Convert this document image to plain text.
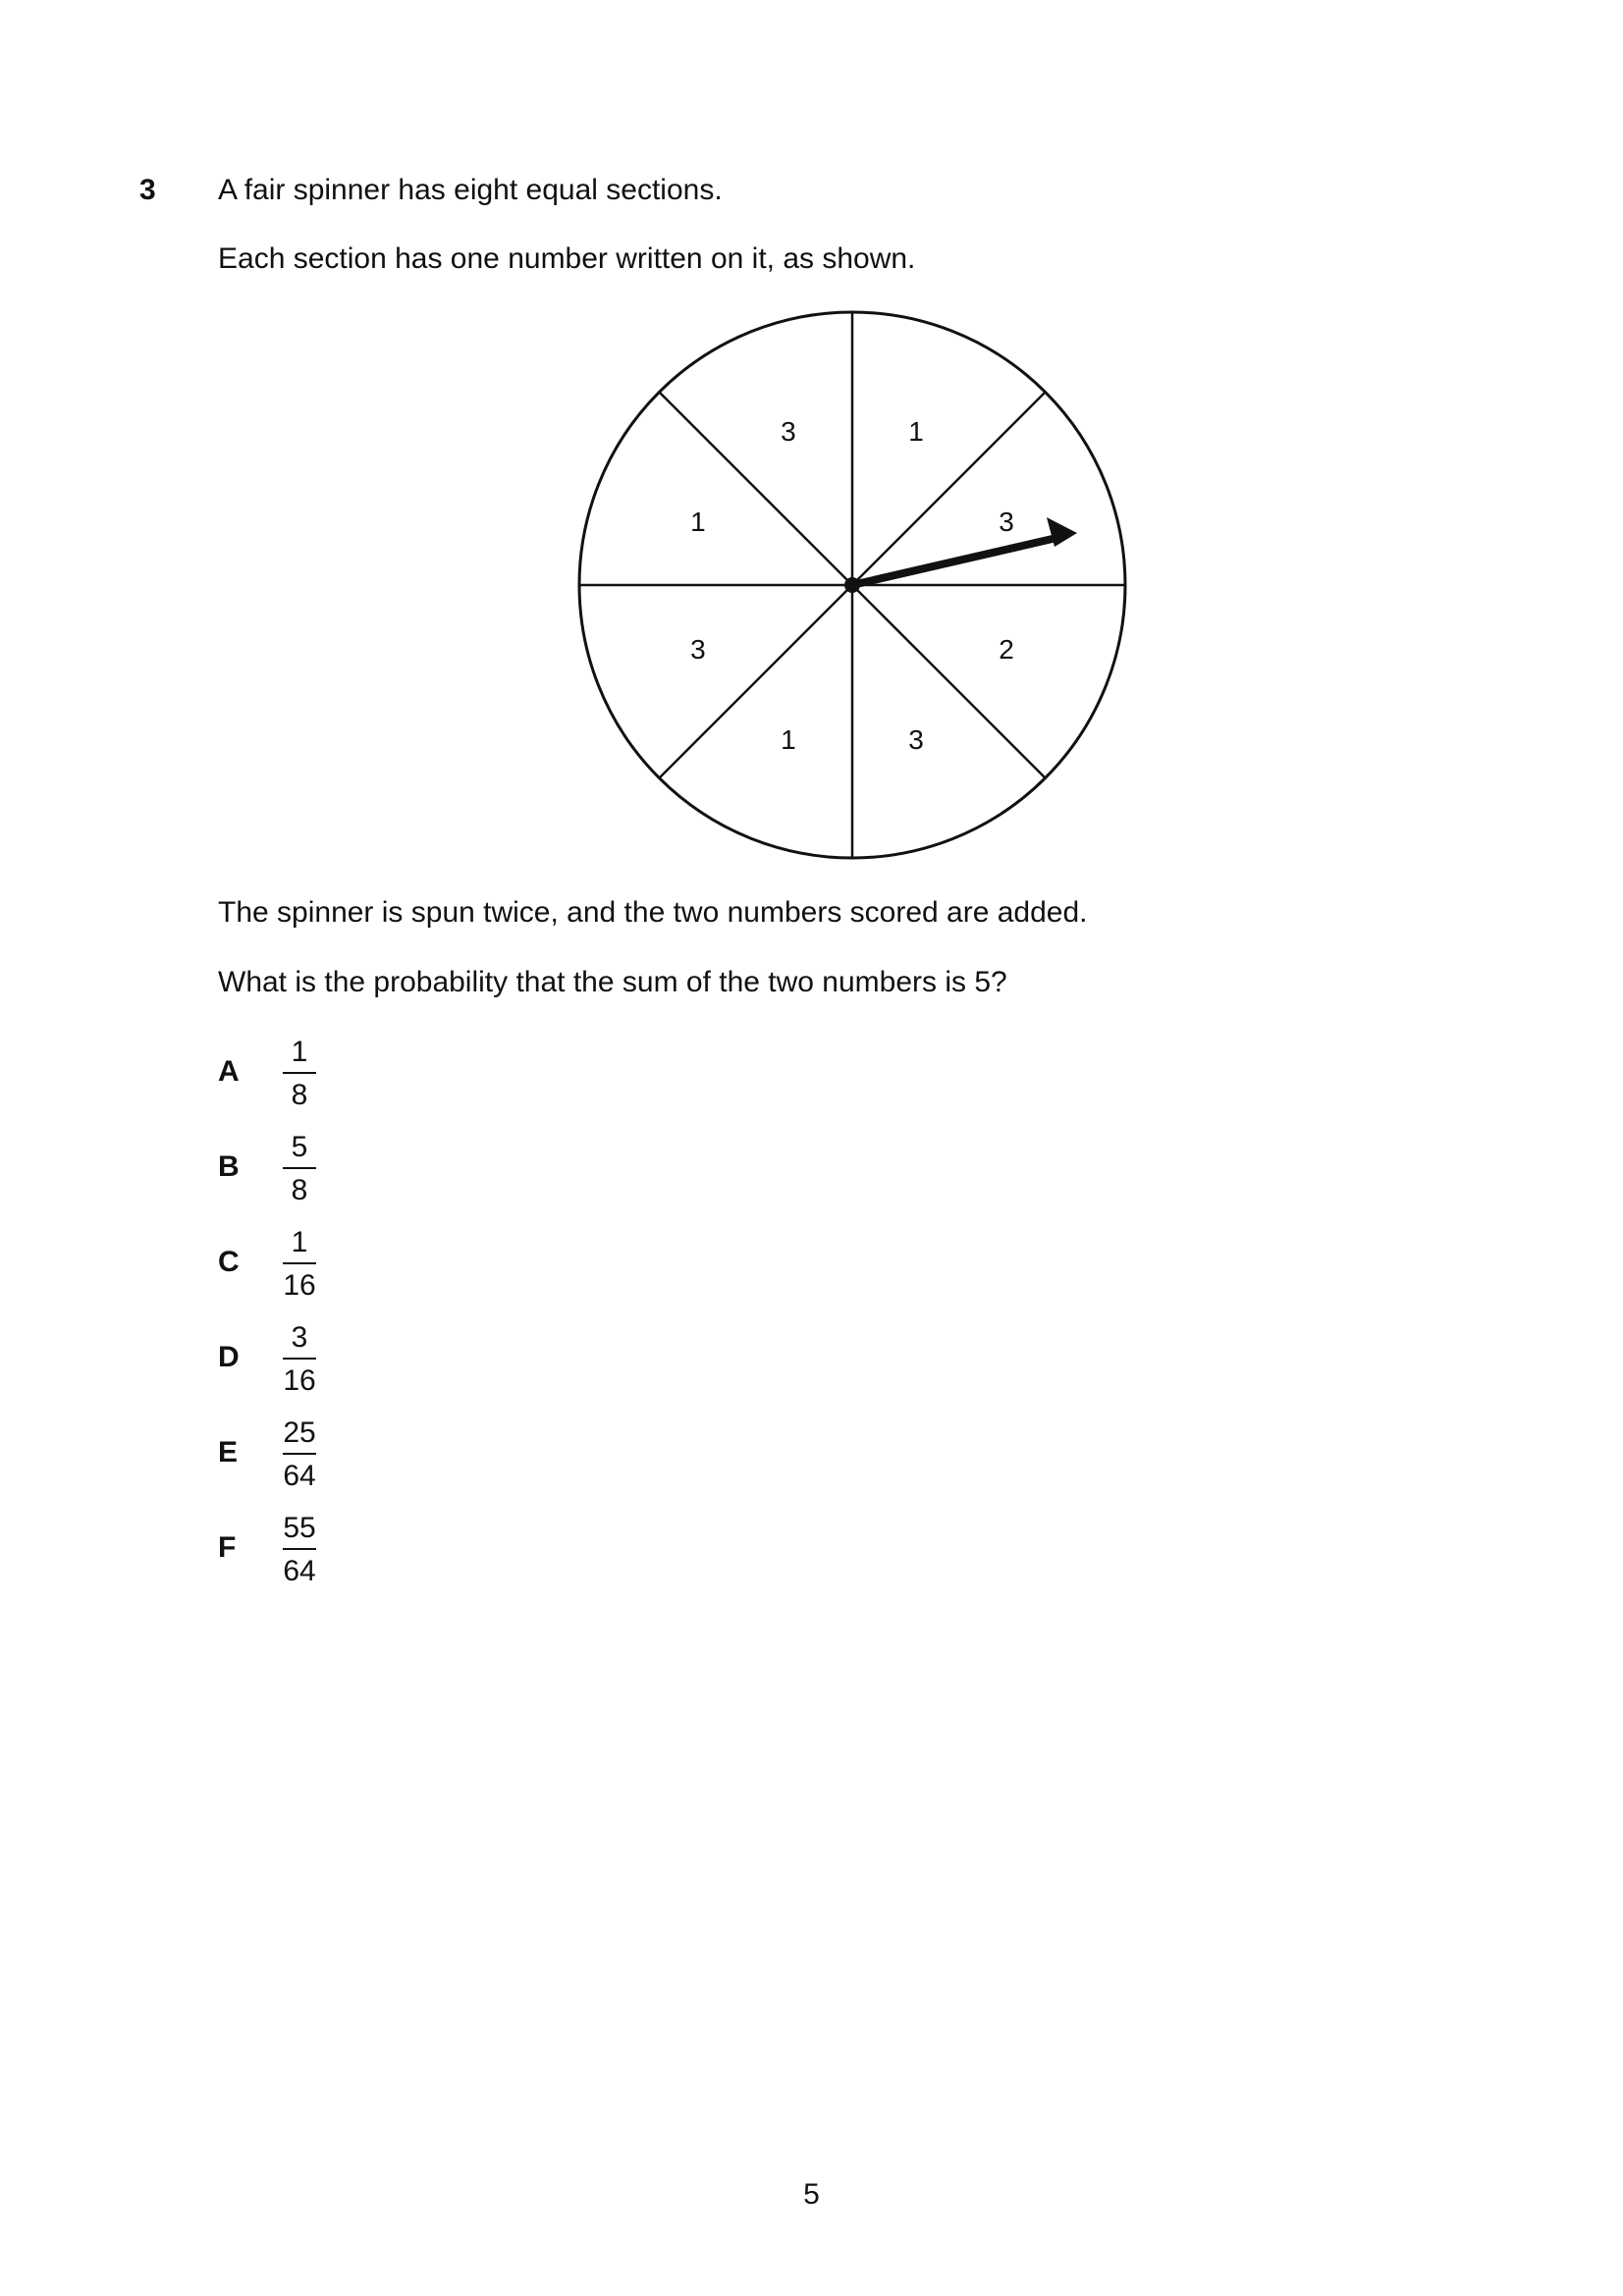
3 A fair spinner has eight equal sections.
Each section has one number written on it, as shown.
1
3
2
3
1
3
1
3
The spinner is spun twice, and the two numbers scored are added.
What is the probability that the sum of the two numbers is 5?
A
1
8
B
5
8
C
1
16
D
3
16
E
25
64
F
55
64
5
